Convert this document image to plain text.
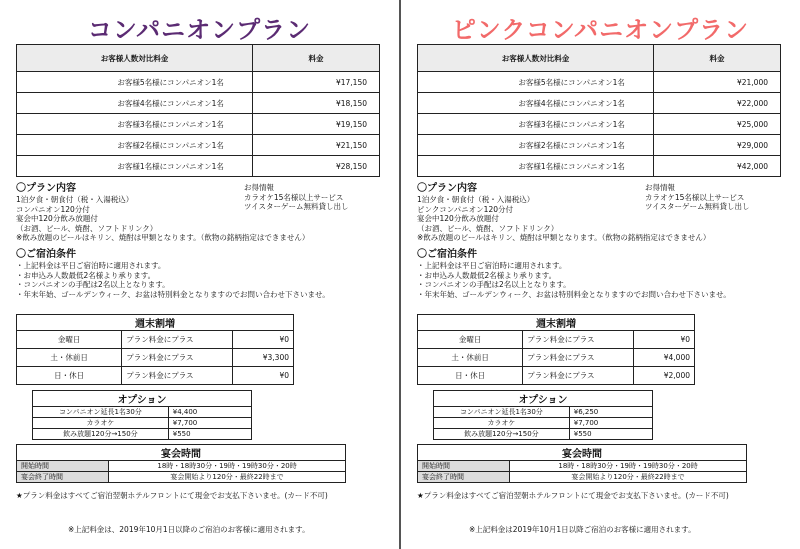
コンパニオンプラン
お客様人数対比料金	料金
お客様5名様にコンパニオン1名	¥17,150
お客様4名様にコンパニオン1名	¥18,150
お客様3名様にコンパニオン1名	¥19,150
お客様2名様にコンパニオン1名	¥21,150
お客様1名様にコンパニオン1名	¥28,150
〇プラン内容
1泊夕食・朝食付（税・入湯税込）
コンパニオン120分付
宴会中120分飲み放題付
（お酒、ビール、焼酎、ソフトドリンク）
※飲み放題のビールはキリン、焼酎は甲類となります。（飲物の銘柄指定はできません）
お得情報
カラオケ15名様以上サービス
ツイスターゲーム無料貸し出し
〇ご宿泊条件
・上記料金は平日ご宿泊時に適用されます。
・お申込み人数最低2名様より承ります。
・コンパニオンの手配は2名以上となります。
・年末年始、ゴールデンウィーク、お盆は特別料金となりますのでお問い合わせ下さいませ。
週末割増		
金曜日	プラン料金にプラス	¥0
土・休前日	プラン料金にプラス	¥3,300
日・休日	プラン料金にプラス	¥0
オプション	
コンパニオン延長1名30分	¥4,400
カラオケ	¥7,700
飲み放題120分→150分	¥550
宴会時間	
開始時間	18時・18時30分・19時・19時30分・20時
宴会終了時間	宴会開始より120分・最終22時まで
★プラン料金はすべてご宿泊翌朝ホテルフロントにて現金でお支払下さいませ。(カード不可)
※上記料金は、2019年10月1日以降のご宿泊のお客様に適用されます。
ピンクコンパニオンプラン
お客様人数対比料金	料金
お客様5名様にコンパニオン1名	¥21,000
お客様4名様にコンパニオン1名	¥22,000
お客様3名様にコンパニオン1名	¥25,000
お客様2名様にコンパニオン1名	¥29,000
お客様1名様にコンパニオン1名	¥42,000
〇プラン内容
1泊夕食・朝食付（税・入湯税込）
ピンクコンパニオン120分付
宴会中120分飲み放題付
（お酒、ビール、焼酎、ソフトドリンク）
※飲み放題のビールはキリン、焼酎は甲類となります。（飲物の銘柄指定はできません）
お得情報
カラオケ15名様以上サービス
ツイスターゲーム無料貸し出し
〇ご宿泊条件
・上記料金は平日ご宿泊時に適用されます。
・お申込み人数最低2名様より承ります。
・コンパニオンの手配は2名以上となります。
・年末年始、ゴールデンウィーク、お盆は特別料金となりますのでお問い合わせ下さいませ。
週末割増		
金曜日	プラン料金にプラス	¥0
土・休前日	プラン料金にプラス	¥4,000
日・休日	プラン料金にプラス	¥2,000
オプション	
コンパニオン延長1名30分	¥6,250
カラオケ	¥7,700
飲み放題120分→150分	¥550
宴会時間	
開始時間	18時・18時30分・19時・19時30分・20時
宴会終了時間	宴会開始より120分・最終22時まで
★プラン料金はすべてご宿泊翌朝ホテルフロントにて現金でお支払下さいませ。(カード不可)
※上記料金は2019年10月1日以降ご宿泊のお客様に適用されます。
